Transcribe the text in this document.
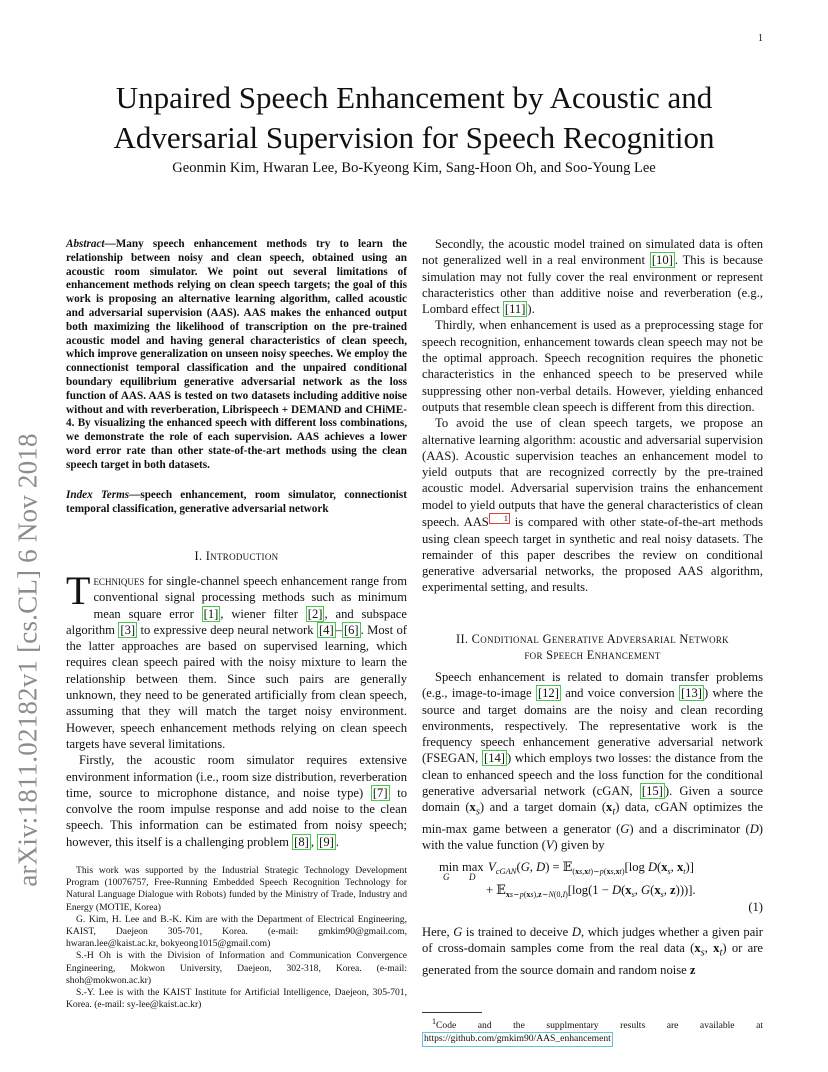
1
arXiv:1811.02182v1 [cs.CL] 6 Nov 2018
Unpaired Speech Enhancement by Acoustic and
Adversarial Supervision for Speech Recognition
Geonmin Kim, Hwaran Lee, Bo-Kyeong Kim, Sang-Hoon Oh, and Soo-Young Lee
Abstract—Many speech enhancement methods try to learn the relationship between noisy and clean speech, obtained using an acoustic room simulator. We point out several limitations of enhancement methods relying on clean speech targets; the goal of this work is proposing an alternative learning algorithm, called acoustic and adversarial supervision (AAS). AAS makes the enhanced output both maximizing the likelihood of transcription on the pre-trained acoustic model and having general characteristics of clean speech, which improve generalization on unseen noisy speeches. We employ the connectionist temporal classification and the unpaired conditional boundary equilibrium generative adversarial network as the loss function of AAS. AAS is tested on two datasets including additive noise without and with reverberation, Librispeech + DEMAND and CHiME-4. By visualizing the enhanced speech with different loss combinations, we demonstrate the role of each supervision. AAS achieves a lower word error rate than other state-of-the-art methods using the clean speech target in both datasets.
Index Terms—speech enhancement, room simulator, connectionist temporal classification, generative adversarial network
I. Introduction

Techniques for single-channel speech enhancement range from conventional signal processing methods such as minimum mean square error [1] , wiener filter [2] , and subspace algorithm [3] to expressive deep neural network [4] – [6] . Most of the latter approaches are based on supervised learning, which requires clean speech paired with the noisy mixture to learn the relationship between them. Since such pairs are generally unknown, they need to be generated artificially from clean speech, assuming that they will match the target noisy environment. However, speech enhancement methods relying on clean speech targets have several limitations.

Firstly, the acoustic room simulator requires extensive environment information (i.e., room size distribution, reverberation time, source to microphone distance, and noise type) [7] to convolve the room impulse response and add noise to the clean speech. This information can be estimated from noisy speech; however, this itself is a challenging problem [8] , [9] .

This work was supported by the Industrial Strategic Technology Development Program (10076757, Free-Running Embedded Speech Recognition Technology for Natural Language Dialogue with Robots) funded by the Ministry of Trade, Industry and Energy (MOTIE, Korea)

G. Kim, H. Lee and B.-K. Kim are with the Department of Electrical Engineering, KAIST, Daejeon 305-701, Korea. (e-mail: gmkim90@gmail.com, hwaran.lee@kaist.ac.kr, bokyeong1015@gmail.com)

S.-H Oh is with the Division of Information and Communication Convergence Engineering, Mokwon University, Daejeon, 302-318, Korea. (e-mail: shoh@mokwon.ac.kr)

S.-Y. Lee is with the KAIST Institute for Artificial Intelligence, Daejeon, 305-701, Korea. (e-mail: sy-lee@kaist.ac.kr)

Secondly, the acoustic model trained on simulated data is often not generalized well in a real environment [10] . This is because simulation may not fully cover the real environment or represent characteristics other than additive noise and reverberation (e.g., Lombard effect [11] ).

Thirdly, when enhancement is used as a preprocessing stage for speech recognition, enhancement towards clean speech may not be the optimal approach. Speech recognition requires the phonetic characteristics in the enhanced speech to be preserved while suppressing other non-verbal details. However, yielding enhanced outputs that resemble clean speech is different from this direction.

To avoid the use of clean speech targets, we propose an alternative learning algorithm: acoustic and adversarial supervision (AAS). Acoustic supervision teaches an enhancement model to yield outputs that are recognized correctly by the pre-trained acoustic model. Adversarial supervision trains the enhancement model to yield outputs that have the general characteristics of clean speech. AAS 1 is compared with other state-of-the-art methods using clean speech target in synthetic and real noisy datasets. The remainder of this paper describes the review on conditional generative adversarial networks, the proposed AAS algorithm, experimental setting, and results.

II. Conditional Generative Adversarial Network
for Speech Enhancement

Speech enhancement is related to domain transfer problems (e.g., image-to-image [12] and voice conversion [13] ) where the source and target domains are the noisy and clean recording environments, respectively. The representative work is the frequency speech enhancement generative adversarial network (FSEGAN, [14] ) which employs two losses: the distance from the clean to enhanced speech and the loss function for the conditional generative adversarial network (cGAN, [15] ). Given a source domain $(x_s)$ and a target domain $(x_t)$ data, cGAN optimizes the min-max game between a generator (G) and a discriminator (D) with the value function (V) given by

min max
G D
$V_{cGAN}(G$, D) = 𝔼$_{(xs,xt)\sim p(xs,xt)}$[log $D(x_s$, $x_t$)]
+ 𝔼$_{xs\sim p(xs),z\sim N(0,I)}$[log(1 − $D(x_s$, $G(x_s$, z)))].
(1)

Here, G is trained to deceive D, which judges whether a given pair of cross-domain samples come from the real data ($x_s$, $x_t$) or are generated from the source domain and random noise z

$^1$Code and the supplmentary results are available at
https://github.com/gmkim90/AAS_enhancement
